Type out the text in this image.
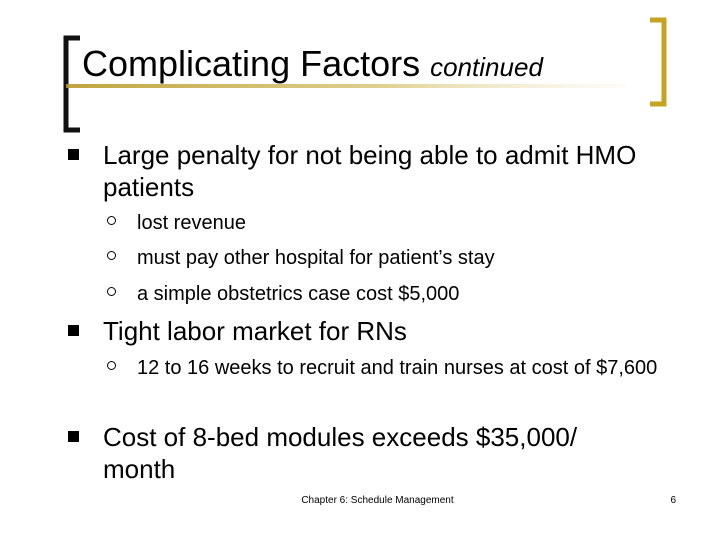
Complicating Factors continued
Large penalty for not being able to admit HMO patients
lost revenue
must pay other hospital for patient’s stay
a simple obstetrics case cost $5,000
Tight labor market for RNs
12 to 16 weeks to recruit and train nurses at cost of $7,600
Cost of 8-bed modules exceeds $35,000/ month
Chapter 6: Schedule Management	6
